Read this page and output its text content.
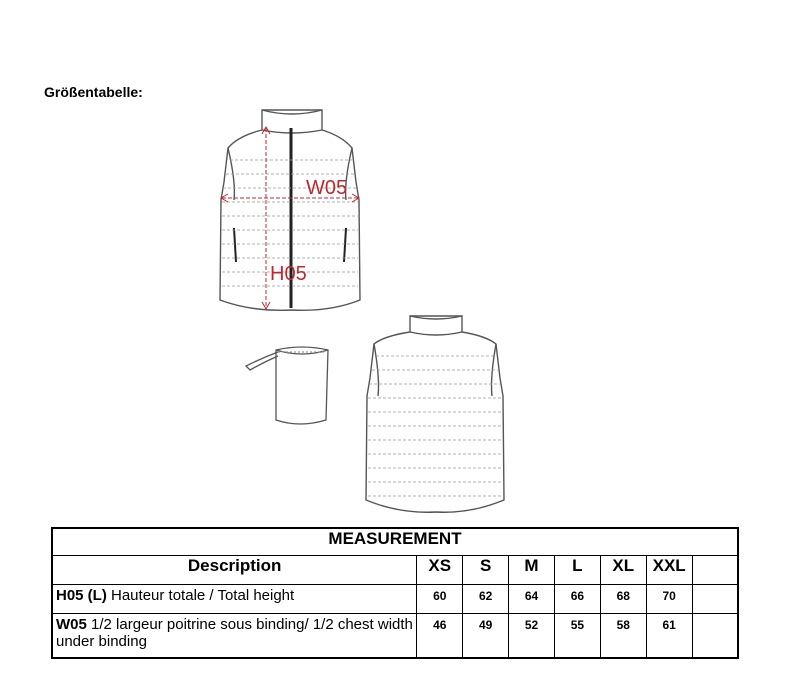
Größentabelle:
W05
H05
MEASUREMENT							
Description	XS	S	M	L	XL	XXL	
H05 (L) Hauteur totale / Total height	60	62	64	66	68	70	
W05 1/2 largeur poitrine sous binding/ 1/2 chest width under binding	46	49	52	55	58	61	
